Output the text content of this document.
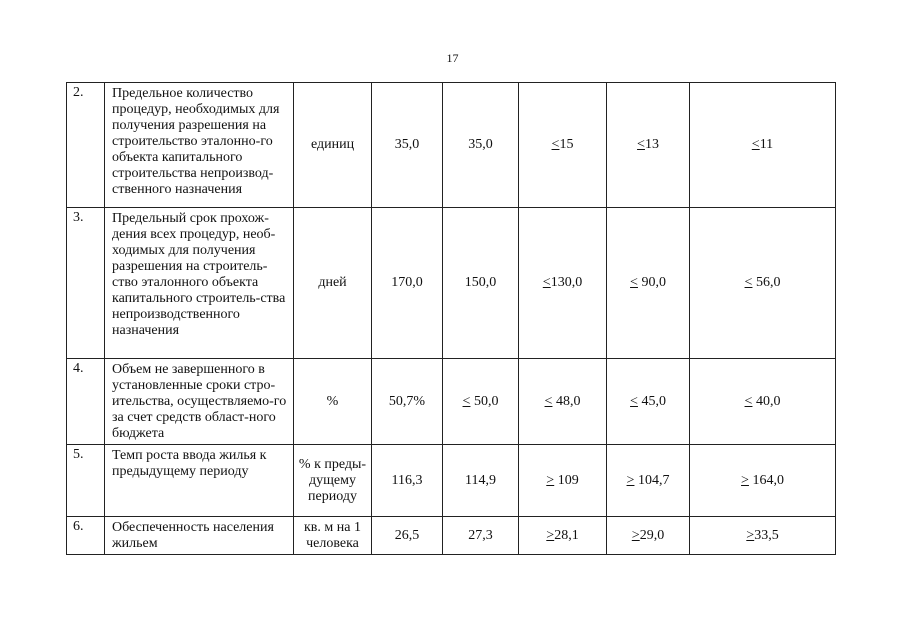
17
2.	Предельное количество процедур, необходимых для получения разрешения на строительство эталонно-го объекта капитального строительства непроизвод-ственного назначения	единиц	35,0	35,0	<15	<13	<11
3.	Предельный срок прохож-дения всех процедур, необ-ходимых для получения разрешения на строитель-ство эталонного объекта капитального строитель-ства непроизводственного назначения	дней	170,0	150,0	<130,0	< 90,0	< 56,0
4.	Объем не завершенного в установленные сроки стро-ительства, осуществляемо-го за счет средств област-ного бюджета	%	50,7%	< 50,0	< 48,0	< 45,0	< 40,0
5.	Темп роста ввода жилья к предыдущему периоду	% к преды-дущему периоду	116,3	114,9	> 109	> 104,7	> 164,0
6.	Обеспеченность населения жильем	кв. м на 1 человека	26,5	27,3	>28,1	>29,0	>33,5
